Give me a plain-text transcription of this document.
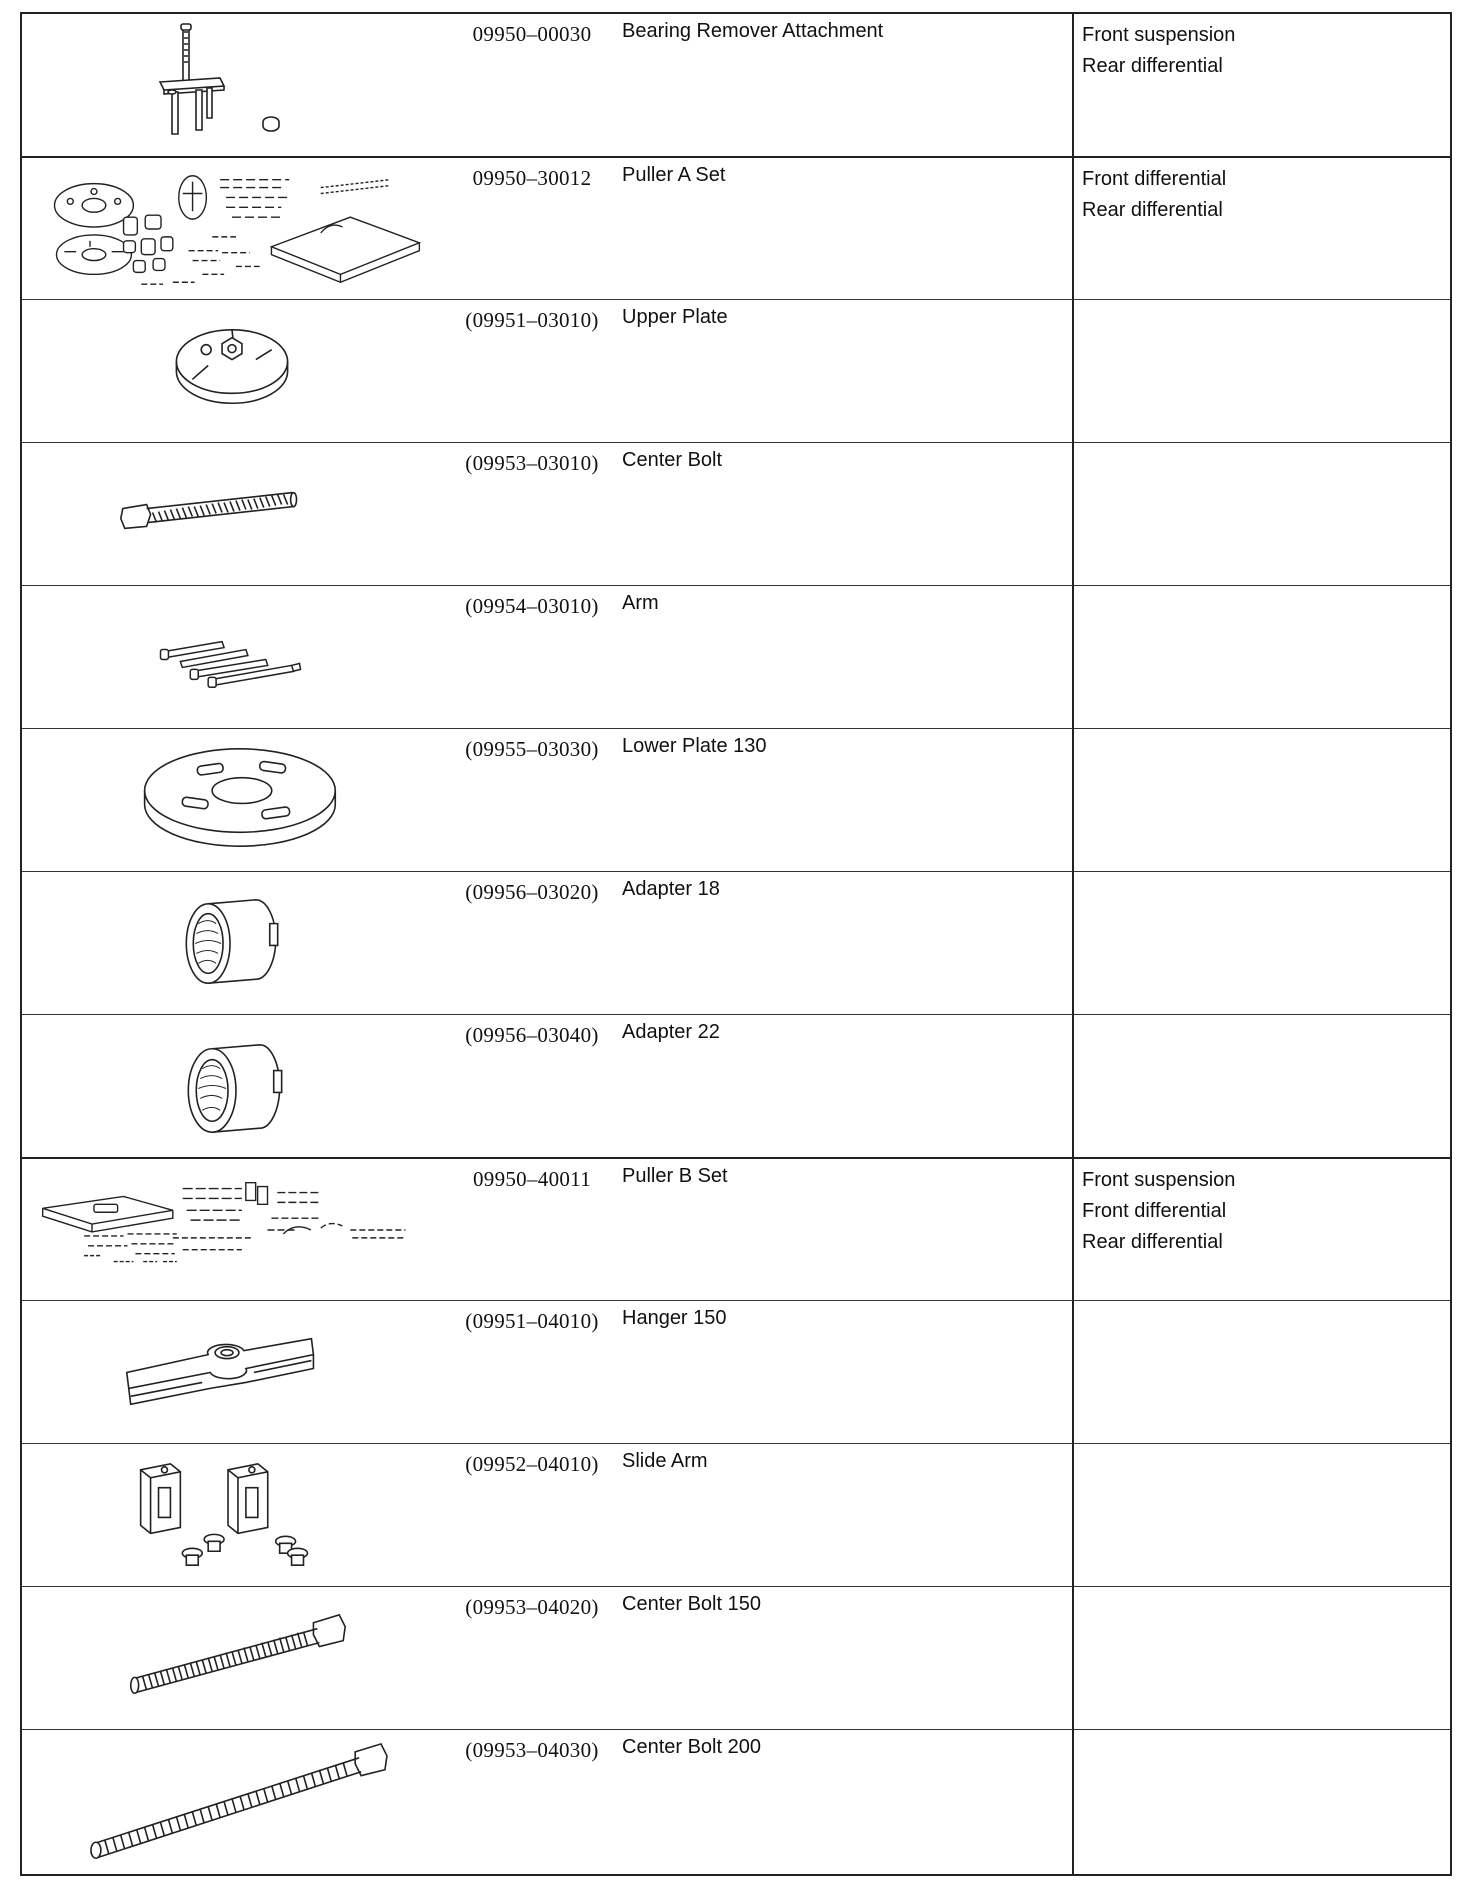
09950–00030	Bearing Remover Attachment	Front suspension
Rear differential
09950–30012	Puller A Set	Front differential
Rear differential
(09951–03010)	Upper Plate
(09953–03010)	Center Bolt
(09954–03010)	Arm
(09955–03030)	Lower Plate 130
(09956–03020)	Adapter 18
(09956–03040)	Adapter 22
09950–40011	Puller B Set	Front suspension
Front differential
Rear differential
(09951–04010)	Hanger 150
(09952–04010)	Slide Arm
(09953–04020)	Center Bolt 150
(09953–04030)	Center Bolt 200
